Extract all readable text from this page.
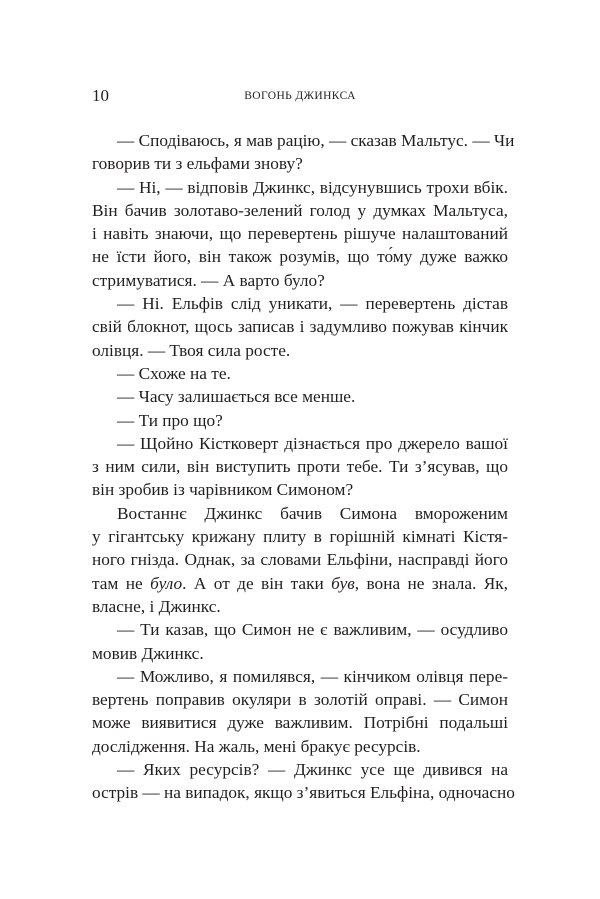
10	ВОГОНЬ ДЖИНКСА
— Сподіваюсь, я мав рацію, — сказав Мальтус. — Чи
говорив ти з ельфами знову?
— Ні, — відповів Джинкс, відсунувшись трохи вбік.
Він бачив золотаво-зелений голод у думках Мальтуса,
і навіть знаючи, що перевертень рішуче налаштований
не їсти його, він також розумів, що то́му дуже важко
стримуватися. — А варто було?
— Ні. Ельфів слід уникати, — перевертень дістав
свій блокнот, щось записав і задумливо пожував кінчик
олівця. — Твоя сила росте.
— Схоже на те.
— Часу залишається все менше.
— Ти про що?
— Щойно Кістковерт дізнається про джерело вашої
з ним сили, він виступить проти тебе. Ти з’ясував, що
він зробив із чарівником Симоном?
Востаннє Джинкс бачив Симона вмороженим
у гігантську крижану плиту в горішній кімнаті Кістя-
ного гнізда. Однак, за словами Ельфіни, насправді його
там не було. А от де він таки був, вона не знала. Як,
власне, і Джинкс.
— Ти казав, що Симон не є важливим, — осудливо
мовив Джинкс.
— Можливо, я помилявся, — кінчиком олівця пере-
вертень поправив окуляри в золотій оправі. — Симон
може виявитися дуже важливим. Потрібні подальші
дослідження. На жаль, мені бракує ресурсів.
— Яких ресурсів? — Джинкс усе ще дивився на
острів — на випадок, якщо з’явиться Ельфіна, одночасно
